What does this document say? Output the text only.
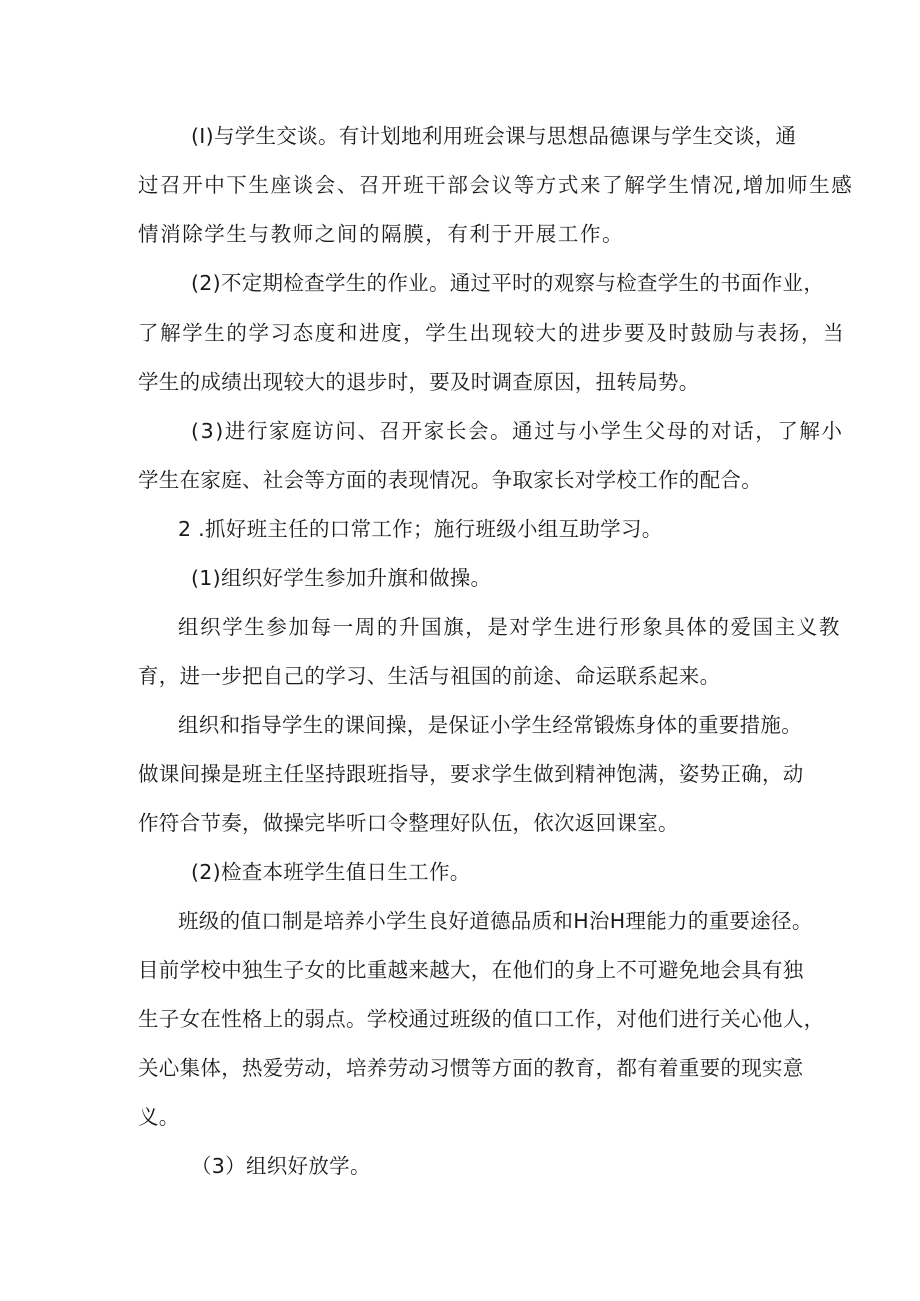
(I)与学生交谈。有计划地利用班会课与思想品德课与学生交谈，通
过召开中下生座谈会、召开班干部会议等方式来了解学生情况,增加师生感
情消除学生与教师之间的隔膜，有利于开展工作。
(2)不定期检查学生的作业。通过平时的观察与检查学生的书面作业，
了解学生的学习态度和进度，学生出现较大的进步要及时鼓励与表扬，当
学生的成绩出现较大的退步时，要及时调查原因，扭转局势。
(3)进行家庭访问、召开家长会。通过与小学生父母的对话，了解小
学生在家庭、社会等方面的表现情况。争取家长对学校工作的配合。
2 .抓好班主任的口常工作；施行班级小组互助学习。
(1)组织好学生参加升旗和做操。
组织学生参加每一周的升国旗，是对学生进行形象具体的爱国主义教
育，进一步把自己的学习、生活与祖国的前途、命运联系起来。
组织和指导学生的课间操，是保证小学生经常锻炼身体的重要措施。
做课间操是班主任坚持跟班指导，要求学生做到精神饱满，姿势正确，动
作符合节奏，做操完毕听口令整理好队伍，依次返回课室。
(2)检查本班学生值日生工作。
班级的值口制是培养小学生良好道德品质和H治H理能力的重要途径。
目前学校中独生子女的比重越来越大，在他们的身上不可避免地会具有独
生子女在性格上的弱点。学校通过班级的值口工作，对他们进行关心他人，
关心集体，热爱劳动，培养劳动习惯等方面的教育，都有着重要的现实意
义。
（3）组织好放学。
